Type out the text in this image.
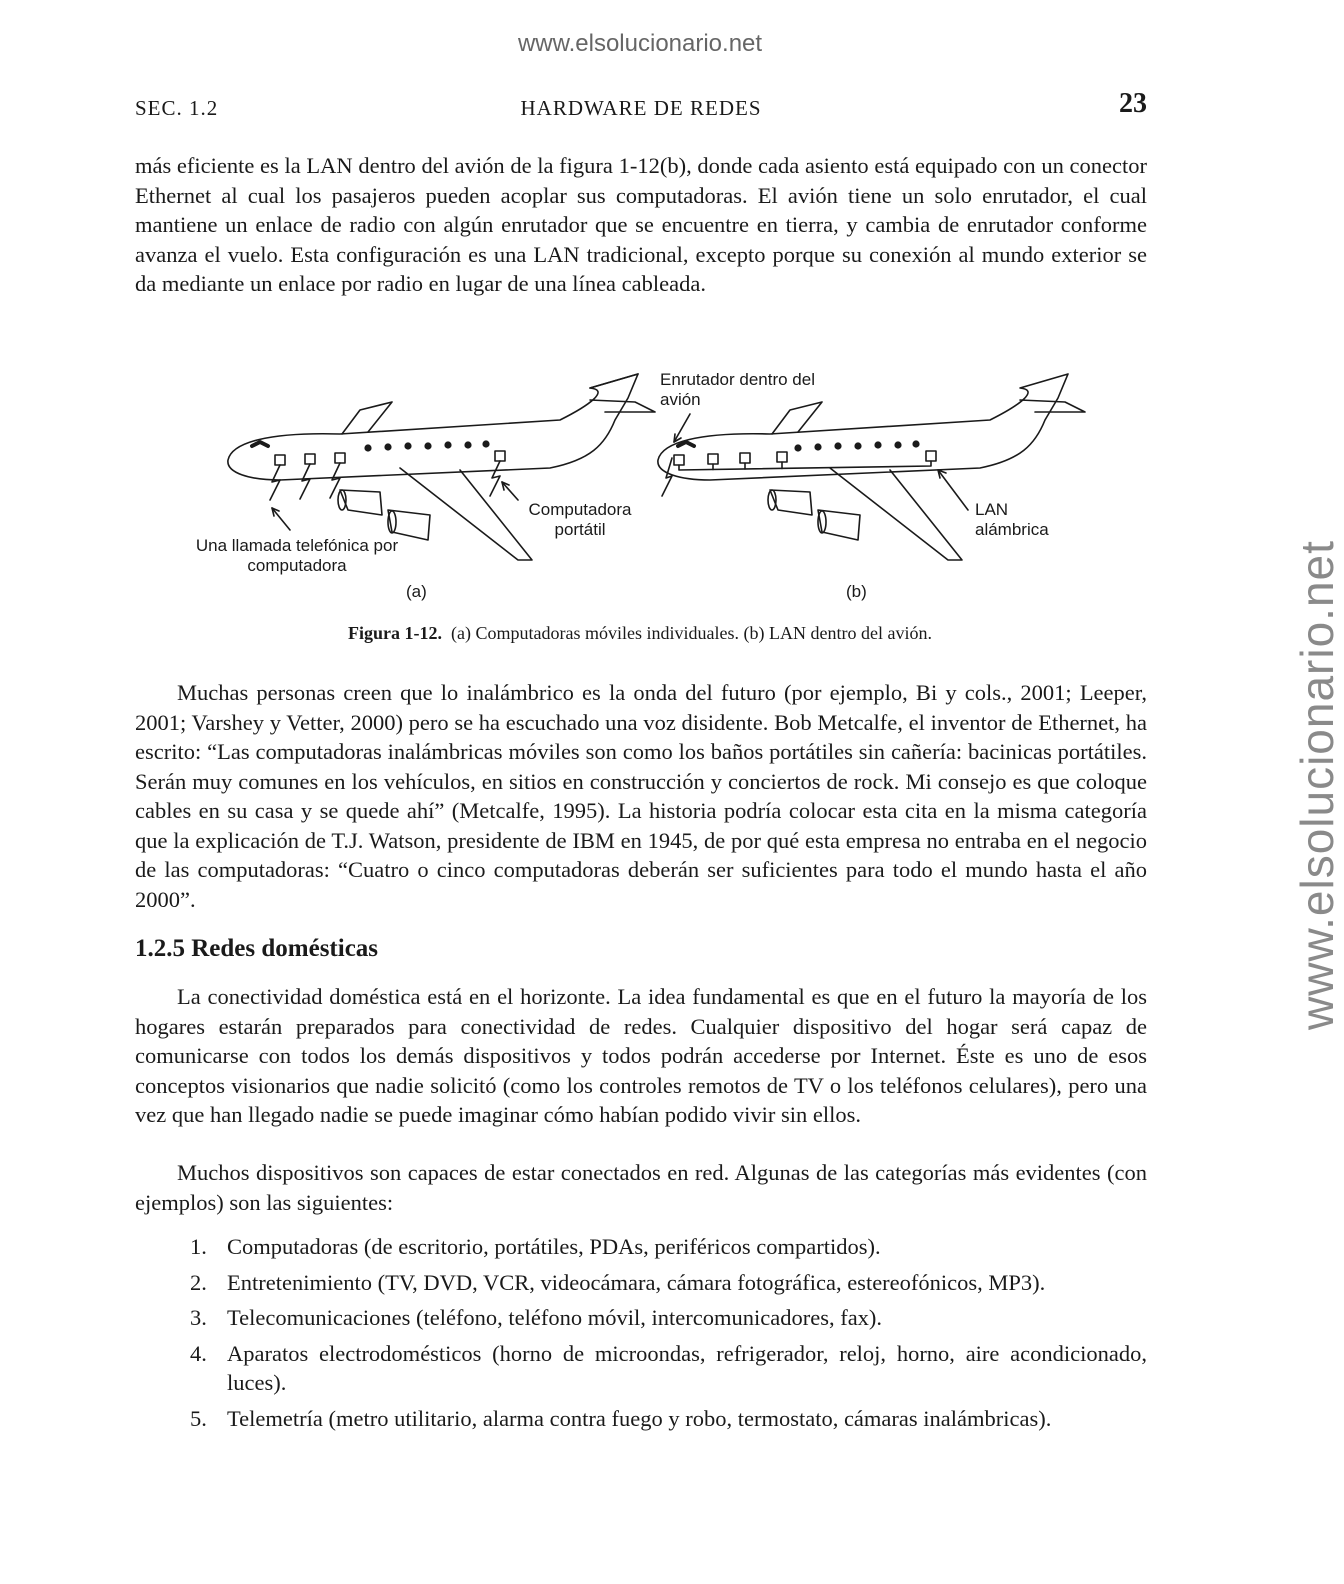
www.elsolucionario.net
www.elsolucionario.net
SEC. 1.2	HARDWARE DE REDES	23

más eficiente es la LAN dentro del avión de la figura 1-12(b), donde cada asiento está equipado con un conector Ethernet al cual los pasajeros pueden acoplar sus computadoras. El avión tiene un solo enrutador, el cual mantiene un enlace de radio con algún enrutador que se encuentre en tierra, y cambia de enrutador conforme avanza el vuelo. Esta configuración es una LAN tradicional, excepto porque su conexión al mundo exterior se da mediante un enlace por radio en lugar de una línea cableada.

Una llamada telefónica por computadora
Computadora portátil
Enrutador dentro del avión
LAN alámbrica
(a)	(b)
Figura 1-12. (a) Computadoras móviles individuales. (b) LAN dentro del avión.

Muchas personas creen que lo inalámbrico es la onda del futuro (por ejemplo, Bi y cols., 2001; Leeper, 2001; Varshey y Vetter, 2000) pero se ha escuchado una voz disidente. Bob Metcalfe, el inventor de Ethernet, ha escrito: “Las computadoras inalámbricas móviles son como los baños portátiles sin cañería: bacinicas portátiles. Serán muy comunes en los vehículos, en sitios en construcción y conciertos de rock. Mi consejo es que coloque cables en su casa y se quede ahí” (Metcalfe, 1995). La historia podría colocar esta cita en la misma categoría que la explicación de T.J. Watson, presidente de IBM en 1945, de por qué esta empresa no entraba en el negocio de las computadoras: “Cuatro o cinco computadoras deberán ser suficientes para todo el mundo hasta el año 2000”.

1.2.5 Redes domésticas

La conectividad doméstica está en el horizonte. La idea fundamental es que en el futuro la mayoría de los hogares estarán preparados para conectividad de redes. Cualquier dispositivo del hogar será capaz de comunicarse con todos los demás dispositivos y todos podrán accederse por Internet. Éste es uno de esos conceptos visionarios que nadie solicitó (como los controles remotos de TV o los teléfonos celulares), pero una vez que han llegado nadie se puede imaginar cómo habían podido vivir sin ellos.

Muchos dispositivos son capaces de estar conectados en red. Algunas de las categorías más evidentes (con ejemplos) son las siguientes:

1. Computadoras (de escritorio, portátiles, PDAs, periféricos compartidos).
2. Entretenimiento (TV, DVD, VCR, videocámara, cámara fotográfica, estereofónicos, MP3).
3. Telecomunicaciones (teléfono, teléfono móvil, intercomunicadores, fax).
4. Aparatos electrodomésticos (horno de microondas, refrigerador, reloj, horno, aire acondicionado, luces).
5. Telemetría (metro utilitario, alarma contra fuego y robo, termostato, cámaras inalámbricas).
